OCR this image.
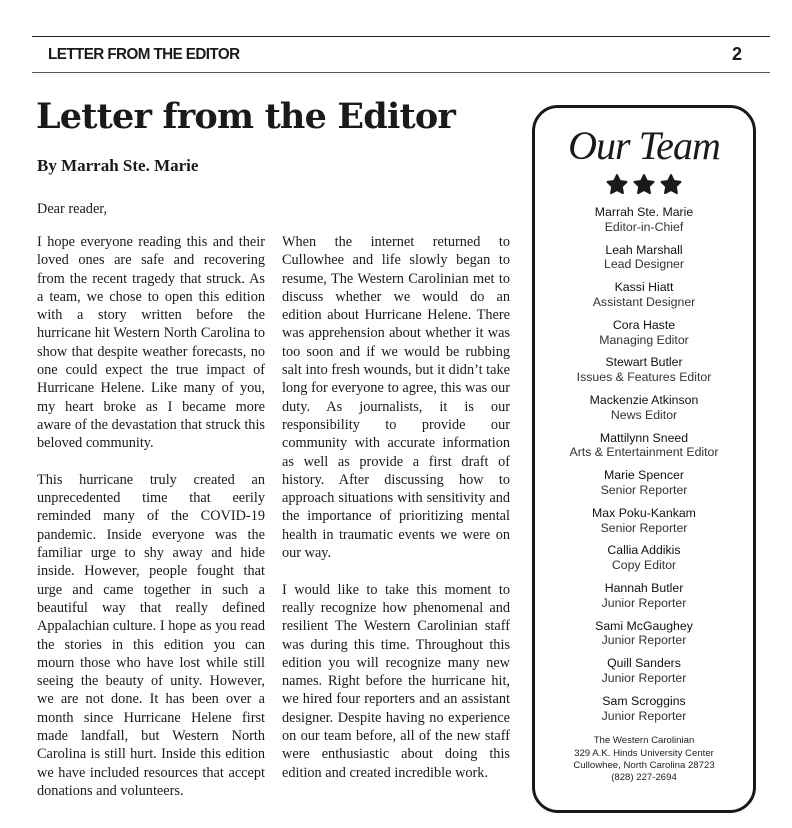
LETTER FROM THE EDITOR	2
Letter from the Editor
By Marrah Ste. Marie
Dear reader,

I hope everyone reading this and their loved ones are safe and recovering from the recent tragedy that struck. As a team, we chose to open this edition with a story written before the hurricane hit Western North Carolina to show that despite weather forecasts, no one could expect the true impact of Hurricane Helene. Like many of you, my heart broke as I became more aware of the devastation that struck this beloved community.

This hurricane truly created an unprecedented time that eerily reminded many of the COVID-19 pandemic. Inside everyone was the familiar urge to shy away and hide inside. However, people fought that urge and came together in such a beautiful way that really defined Appalachian culture. I hope as you read the stories in this edition you can mourn those who have lost while still seeing the beauty of unity. However, we are not done. It has been over a month since Hurricane Helene first made landfall, but Western North Carolina is still hurt. Inside this edition we have included resources that accept donations and volunteers.

When the internet returned to Cullowhee and life slowly began to resume, The Western Carolinian met to discuss whether we would do an edition about Hurricane Helene. There was apprehension about whether it was too soon and if we would be rubbing salt into fresh wounds, but it didn’t take long for everyone to agree, this was our duty. As journalists, it is our responsibility to provide our community with accurate information as well as provide a first draft of history. After discussing how to approach situations with sensitivity and the importance of prioritizing mental health in traumatic events we were on our way.

I would like to take this moment to really recognize how phenomenal and resilient The Western Carolinian staff was during this time. Throughout this edition you will recognize many new names. Right before the hurricane hit, we hired four reporters and an assistant designer. Despite having no experience on our team before, all of the new staff were enthusiastic about doing this edition and created incredible work.

Our Team
Marrah Ste. Marie
Editor-in-Chief
Leah Marshall
Lead Designer
Kassi Hiatt
Assistant Designer
Cora Haste
Managing Editor
Stewart Butler
Issues & Features Editor
Mackenzie Atkinson
News Editor
Mattilynn Sneed
Arts & Entertainment Editor
Marie Spencer
Senior Reporter
Max Poku-Kankam
Senior Reporter
Callia Addikis
Copy Editor
Hannah Butler
Junior Reporter
Sami McGaughey
Junior Reporter
Quill Sanders
Junior Reporter
Sam Scroggins
Junior Reporter
The Western Carolinian
329 A.K. Hinds University Center
Cullowhee, North Carolina 28723
(828) 227-2694
